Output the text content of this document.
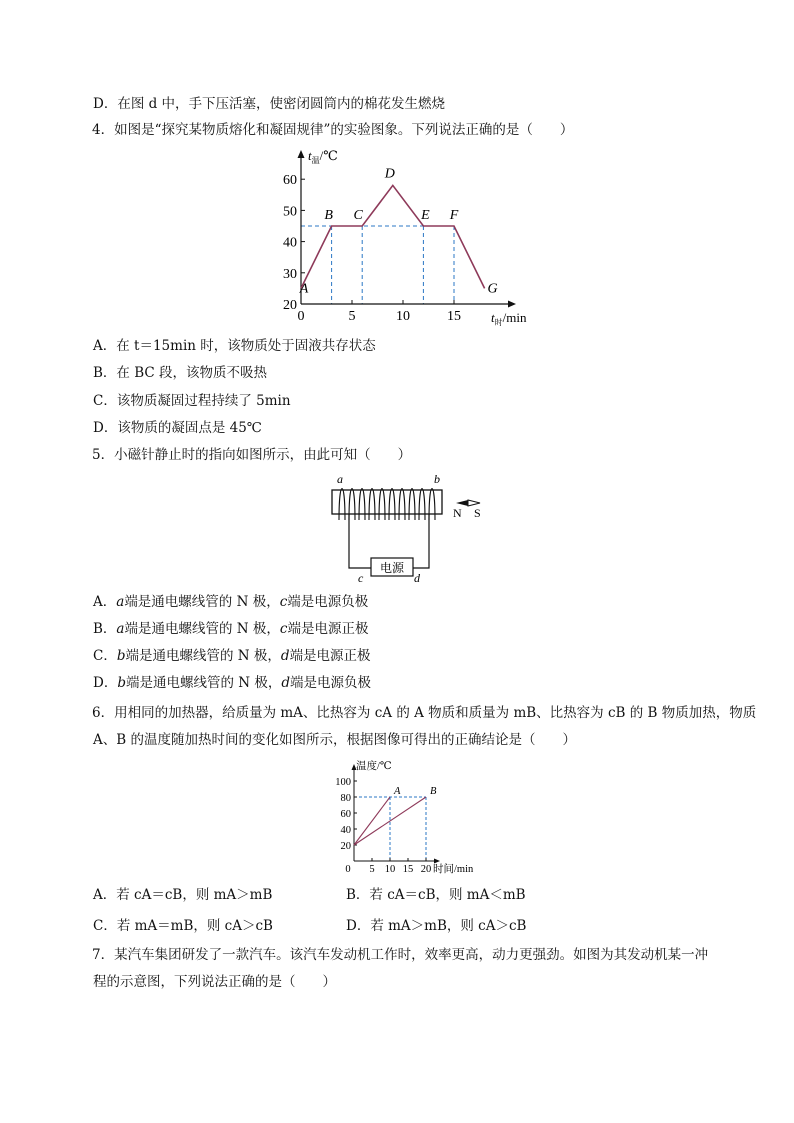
D．在图 d 中，手下压活塞，使密闭圆筒内的棉花发生燃烧
4．如图是“探究某物质熔化和凝固规律”的实验图象。下列说法正确的是（　　）
20
30
40
50
60
0	5	10	15
A
B C
D
E F
G
$t_温/℃$
$t_时/\min$
A．在 t＝15min 时，该物质处于固液共存状态
B．在 BC 段，该物质不吸热
C．该物质凝固过程持续了 5min
D．该物质的凝固点是 45℃
5．小磁针静止时的指向如图所示，由此可知（　　）
电源
a	b
c	d
N S
A．a端是通电螺线管的 N 极，c端是电源负极
B．a端是通电螺线管的 N 极，c端是电源正极
C．b端是通电螺线管的 N 极，d端是电源正极
D．b端是通电螺线管的 N 极，d端是电源负极
6．用相同的加热器，给质量为 mA、比热容为 cA 的 A 物质和质量为 mB、比热容为 cB 的 B 物质加热，物质
A、B 的温度随加热时间的变化如图所示，根据图像可得出的正确结论是（　　）
20
40
60
80
100
0 5 10 15 20
A	B
温度/℃
时间/min
A．若 cA＝cB，则 mA＞mB	B．若 cA＝cB，则 mA＜mB
C．若 mA＝mB，则 cA＞cB	D．若 mA＞mB，则 cA＞cB
7．某汽车集团研发了一款汽车。该汽车发动机工作时，效率更高，动力更强劲。如图为其发动机某一冲
程的示意图，下列说法正确的是（　　）
